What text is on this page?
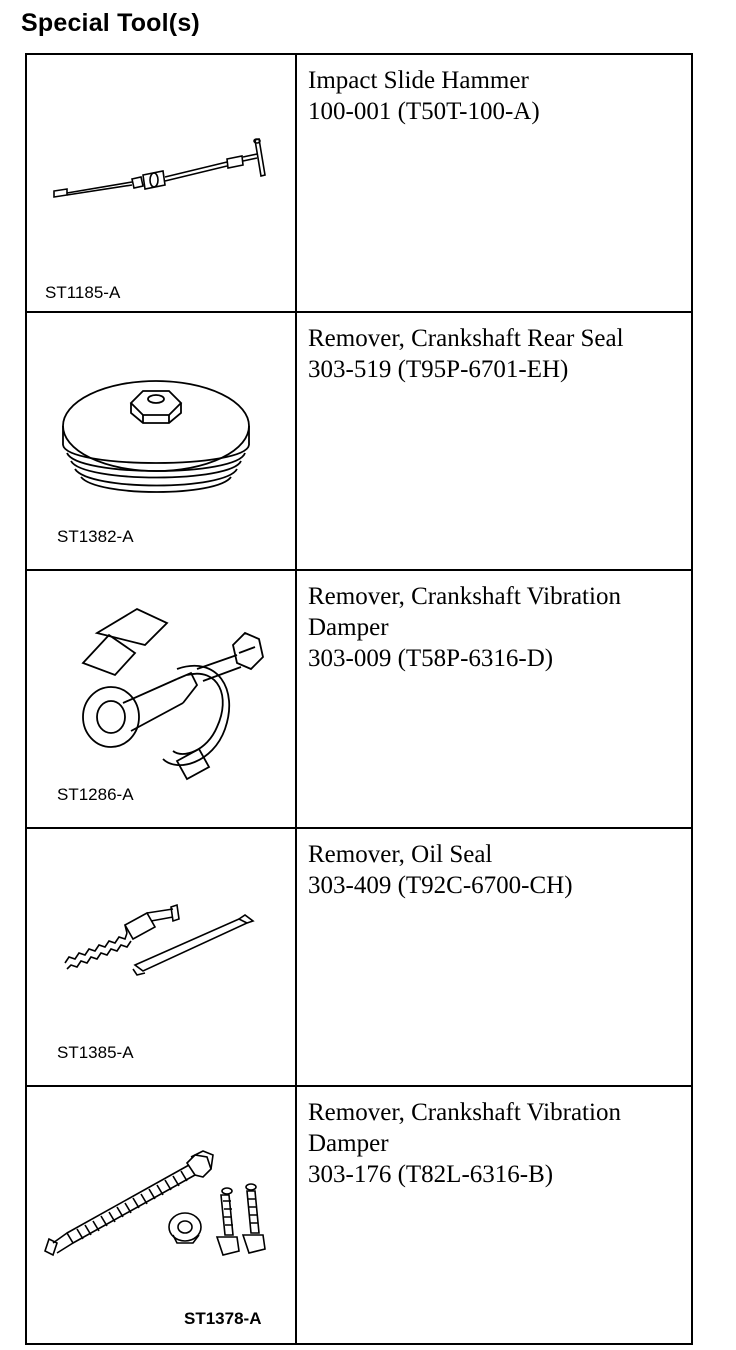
Special Tool(s)
ST1185-A	Impact Slide Hammer
100-001 (T50T-100-A)

ST1382-A	Remover, Crankshaft Rear Seal
303-519 (T95P-6701-EH)

ST1286-A	Remover, Crankshaft Vibration
Damper
303-009 (T58P-6316-D)

ST1385-A	Remover, Oil Seal
303-409 (T92C-6700-CH)

ST1378-A	Remover, Crankshaft Vibration
Damper
303-176 (T82L-6316-B)
